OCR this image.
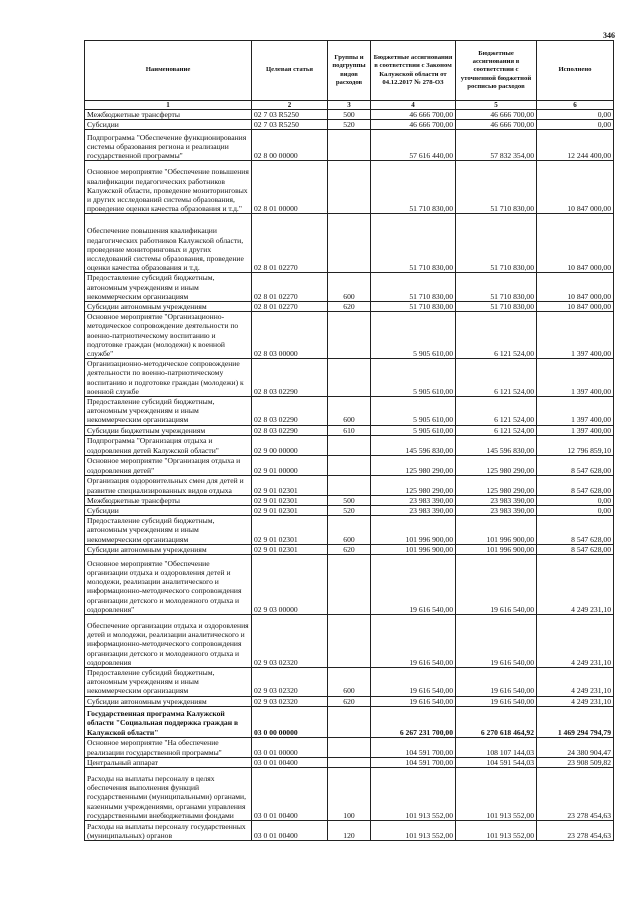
346
Наименование	Целевая статья	Группы и подгруппы видов расходов	Бюджетные ассигнования в соответствии с Законом Калужской области от 04.12.2017 № 278-ОЗ	Бюджетные ассигнования в соответствии с уточненной бюджетной росписью расходов	Исполнено
1	2	3	4	5	6
Межбюджетные трансферты	02 7 03 R5250	500	46 666 700,00	46 666 700,00	0,00
Субсидии	02 7 03 R5250	520	46 666 700,00	46 666 700,00	0,00
Подпрограмма "Обеспечение функционирования системы образования региона и реализации государственной программы"	02 8 00 00000		57 616 440,00	57 832 354,00	12 244 400,00
Основное мероприятие "Обеспечение повышения квалификации педагогических работников Калужской области, проведение мониторинговых и других исследований системы образования, проведение оценки качества образования и т.д."	02 8 01 00000		51 710 830,00	51 710 830,00	10 847 000,00
Обеспечение повышения квалификации педагогических работников Калужской области, проведение мониторинговых и других исследований системы образования, проведение оценки качества образования и т.д.	02 8 01 02270		51 710 830,00	51 710 830,00	10 847 000,00
Предоставление субсидий бюджетным, автономным учреждениям и иным некоммерческим организациям	02 8 01 02270	600	51 710 830,00	51 710 830,00	10 847 000,00
Субсидии автономным учреждениям	02 8 01 02270	620	51 710 830,00	51 710 830,00	10 847 000,00
Основное мероприятие "Организационно-методическое сопровождение деятельности по военно-патриотическому воспитанию и подготовке граждан (молодежи) к военной службе"	02 8 03 00000		5 905 610,00	6 121 524,00	1 397 400,00
Организационно-методическое сопровождение деятельности по военно-патриотическому воспитанию и подготовке граждан (молодежи) к военной службе	02 8 03 02290		5 905 610,00	6 121 524,00	1 397 400,00
Предоставление субсидий бюджетным, автономным учреждениям и иным некоммерческим организациям	02 8 03 02290	600	5 905 610,00	6 121 524,00	1 397 400,00
Субсидии бюджетным учреждениям	02 8 03 02290	610	5 905 610,00	6 121 524,00	1 397 400,00
Подпрограмма "Организация отдыха и оздоровления детей Калужской области"	02 9 00 00000		145 596 830,00	145 596 830,00	12 796 859,10
Основное мероприятие "Организация отдыха и оздоровления детей"	02 9 01 00000		125 980 290,00	125 980 290,00	8 547 628,00
Организация оздоровительных смен для детей и развитие специализированных видов отдыха	02 9 01 02301		125 980 290,00	125 980 290,00	8 547 628,00
Межбюджетные трансферты	02 9 01 02301	500	23 983 390,00	23 983 390,00	0,00
Субсидии	02 9 01 02301	520	23 983 390,00	23 983 390,00	0,00
Предоставление субсидий бюджетным, автономным учреждениям и иным некоммерческим организациям	02 9 01 02301	600	101 996 900,00	101 996 900,00	8 547 628,00
Субсидии автономным учреждениям	02 9 01 02301	620	101 996 900,00	101 996 900,00	8 547 628,00
Основное мероприятие "Обеспечение организации отдыха и оздоровления детей и молодежи, реализации аналитического и информационно-методического сопровождения организации детского и молодежного отдыха и оздоровления"	02 9 03 00000		19 616 540,00	19 616 540,00	4 249 231,10
Обеспечение организации отдыха и оздоровления детей и молодежи, реализации аналитического и информационно-методического сопровождения организации детского и молодежного отдыха и оздоровления	02 9 03 02320		19 616 540,00	19 616 540,00	4 249 231,10
Предоставление субсидий бюджетным, автономным учреждениям и иным некоммерческим организациям	02 9 03 02320	600	19 616 540,00	19 616 540,00	4 249 231,10
Субсидии автономным учреждениям	02 9 03 02320	620	19 616 540,00	19 616 540,00	4 249 231,10
Государственная программа Калужской области "Социальная поддержка граждан в Калужской области"	03 0 00 00000		6 267 231 700,00	6 270 618 464,92	1 469 294 794,79
Основное мероприятие "На обеспечение реализации государственной программы"	03 0 01 00000		104 591 700,00	108 107 144,03	24 380 904,47
Центральный аппарат	03 0 01 00400		104 591 700,00	104 591 544,03	23 908 509,82
Расходы на выплаты персоналу в целях обеспечения выполнения функций государственными (муниципальными) органами, казенными учреждениями, органами управления государственными внебюджетными фондами	03 0 01 00400	100	101 913 552,00	101 913 552,00	23 278 454,63
Расходы на выплаты персоналу государственных (муниципальных) органов	03 0 01 00400	120	101 913 552,00	101 913 552,00	23 278 454,63
